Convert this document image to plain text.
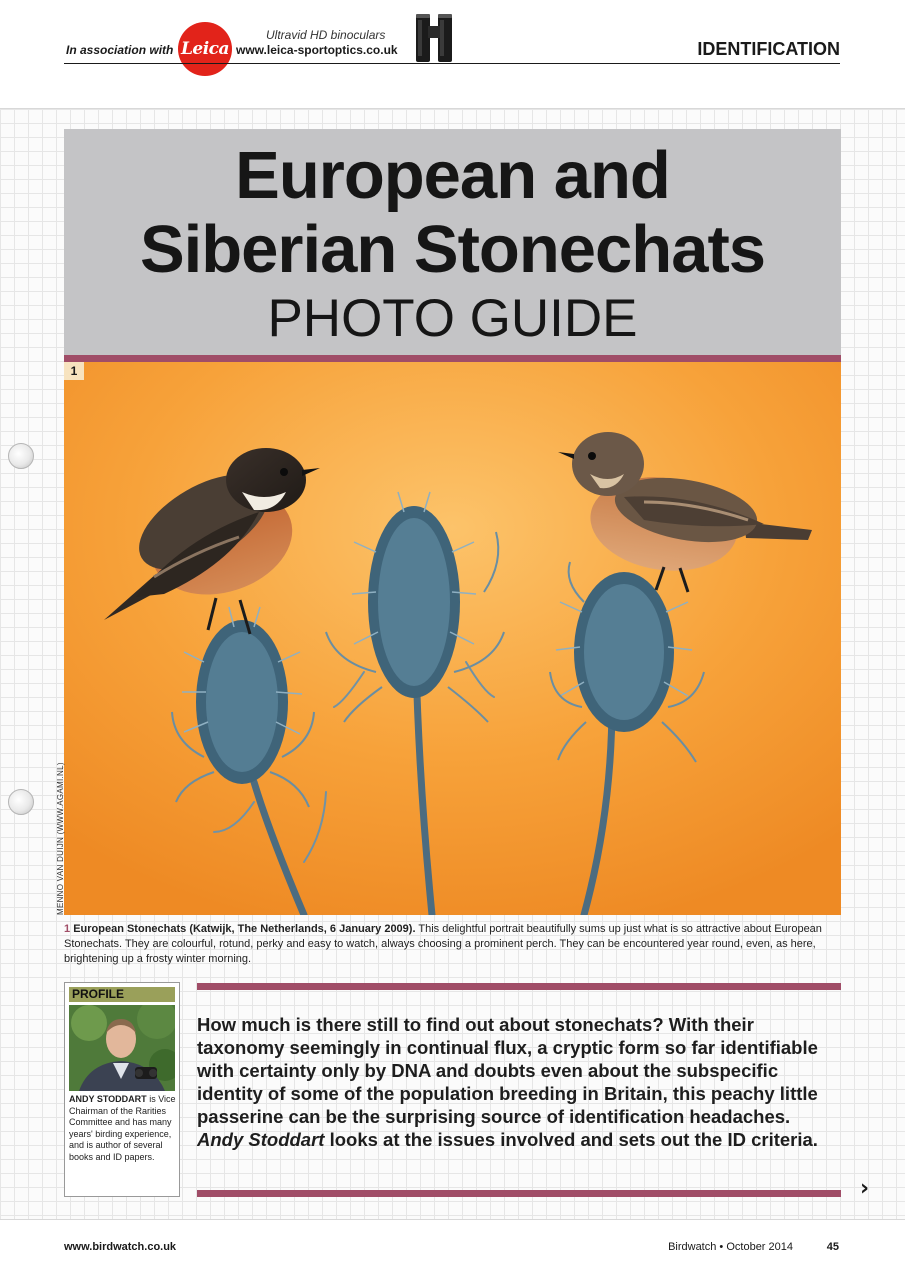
In association with Leica
Ultravid HD binoculars
www.leica-sportoptics.co.uk	IDENTIFICATION
European and
Siberian Stonechats
PHOTO GUIDE
1
MENNO VAN DUIJN (WWW.AGAMI.NL)
1 European Stonechats (Katwijk, The Netherlands, 6 January 2009). This delightful portrait beautifully sums up just what is so attractive about European Stonechats. They are colourful, rotund, perky and easy to watch, always choosing a prominent perch. They can be encountered year round, even, as here, brightening up a frosty winter morning.
PROFILE
ANDY STODDART is Vice Chairman of the Rarities Committee and has many years' birding experience, and is author of several books and ID papers.
How much is there still to find out about stonechats? With their taxonomy seemingly in continual flux, a cryptic form so far identifiable with certainty only by DNA and doubts even about the subspecific identity of some of the population breeding in Britain, this peachy little passerine can be the surprising source of identification headaches. Andy Stoddart looks at the issues involved and sets out the ID criteria.
›
www.birdwatch.co.uk	Birdwatch • October 2014	45
